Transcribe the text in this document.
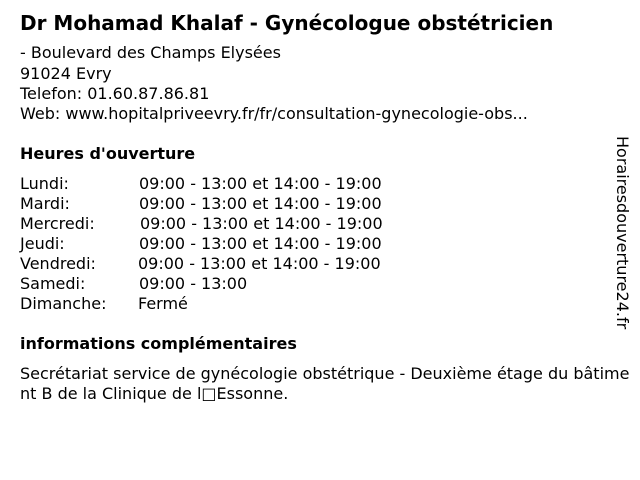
Dr Mohamad Khalaf - Gynécologue obstétricien
- Boulevard des Champs Elysées
91024 Evry
Telefon: 01.60.87.86.81
Web: www.hopitalpriveevry.fr/fr/consultation-gynecologie-obs...
Heures d'ouverture
Lundi:	09:00 - 13:00 et 14:00 - 19:00
Mardi:	09:00 - 13:00 et 14:00 - 19:00
Mercredi:	09:00 - 13:00 et 14:00 - 19:00
Jeudi:	09:00 - 13:00 et 14:00 - 19:00
Vendredi:	09:00 - 13:00 et 14:00 - 19:00
Samedi:	09:00 - 13:00
Dimanche: Fermé
informations complémentaires
Secrétariat service de gynécologie obstétrique - Deuxième étage du bâtiment B de la Clinique de l□Essonne.
Horairesdouverture24.fr
